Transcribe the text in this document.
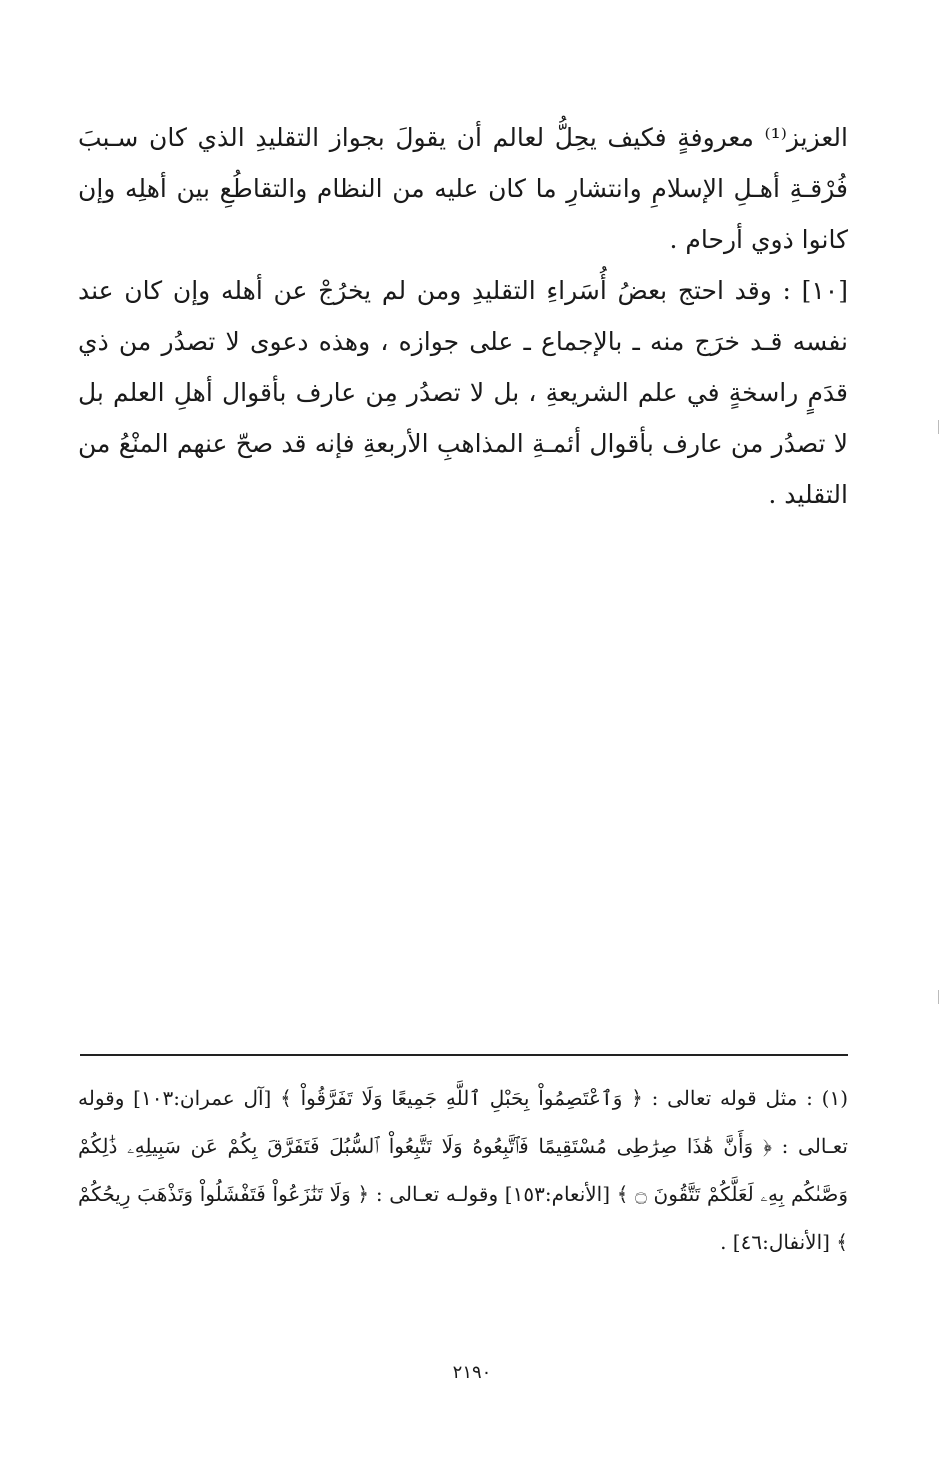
العزيز⁽¹⁾ معروفةٍ فكيف يحِلُّ لعالم أن يقولَ بجواز التقليدِ الذي كان سـببَ فُرْقـةِ أهـلِ الإسلامِ وانتشارِ ما كان عليه من النظام والتقاطُعِ بين أهلِه وإن كانوا ذوي أرحام .

[١٠] : وقد احتج بعضُ أُسَراءِ التقليدِ ومن لم يخرُجْ عن أهله وإن كان عند نفسه قـد خرَج منه ـ بالإجماع ـ على جوازه ، وهذه دعوى لا تصدُر من ذي قدَمٍ راسخةٍ في علم الشريعةِ ، بل لا تصدُر مِن عارف بأقوال أهلِ العلم بل لا تصدُر من عارف بأقوال أئمـةِ المذاهبِ الأربعةِ فإنه قد صحّ عنهم المنْعُ من التقليد .

(١) : مثل قوله تعالى : ﴿ وَٱعْتَصِمُواْ بِحَبْلِ ٱللَّهِ جَمِيعًا وَلَا تَفَرَّقُواْ ﴾ [آل عمران:١٠٣] وقوله تعـالى : ﴿ وَأَنَّ هَٰذَا صِرَٰطِى مُسْتَقِيمًا فَٱتَّبِعُوهُ وَلَا تَتَّبِعُواْ ٱلسُّبُلَ فَتَفَرَّقَ بِكُمْ عَن سَبِيلِهِۦ ذَٰلِكُمْ وَصَّىٰكُم بِهِۦ لَعَلَّكُمْ تَتَّقُونَ ۝ ﴾ [الأنعام:١٥٣] وقولـه تعـالى : ﴿ وَلَا تَنَٰزَعُواْ فَتَفْشَلُواْ وَتَذْهَبَ رِيحُكُمْ ﴾ [الأنفال:٤٦] .

٢١٩٠
